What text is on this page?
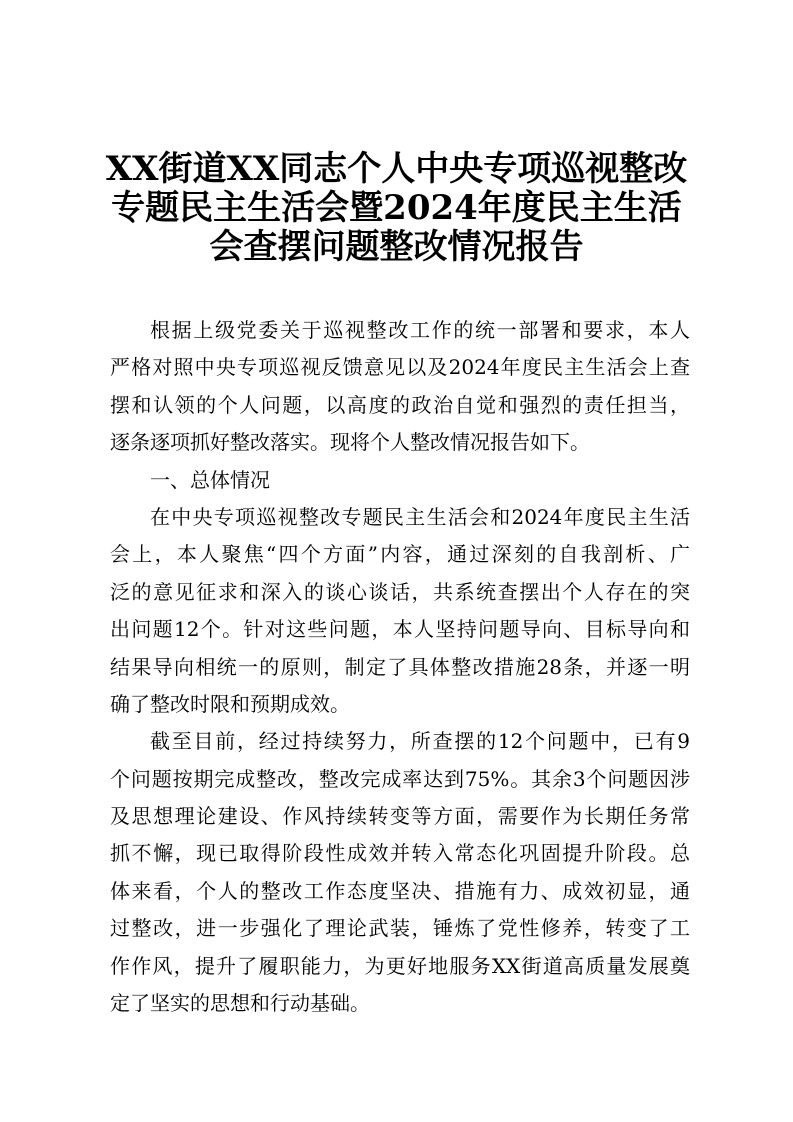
XX街道XX同志个人中央专项巡视整改
专题民主生活会暨2024年度民主生活
会查摆问题整改情况报告
根据上级党委关于巡视整改工作的统一部署和要求，本人
严格对照中央专项巡视反馈意见以及2024年度民主生活会上查
摆和认领的个人问题，以高度的政治自觉和强烈的责任担当，
逐条逐项抓好整改落实。现将个人整改情况报告如下。
一、总体情况
在中央专项巡视整改专题民主生活会和2024年度民主生活
会上，本人聚焦“四个方面”内容，通过深刻的自我剖析、广
泛的意见征求和深入的谈心谈话，共系统查摆出个人存在的突
出问题12个。针对这些问题，本人坚持问题导向、目标导向和
结果导向相统一的原则，制定了具体整改措施28条，并逐一明
确了整改时限和预期成效。
截至目前，经过持续努力，所查摆的12个问题中，已有9
个问题按期完成整改，整改完成率达到75%。其余3个问题因涉
及思想理论建设、作风持续转变等方面，需要作为长期任务常
抓不懈，现已取得阶段性成效并转入常态化巩固提升阶段。总
体来看，个人的整改工作态度坚决、措施有力、成效初显，通
过整改，进一步强化了理论武装，锤炼了党性修养，转变了工
作作风，提升了履职能力，为更好地服务XX街道高质量发展奠
定了坚实的思想和行动基础。
